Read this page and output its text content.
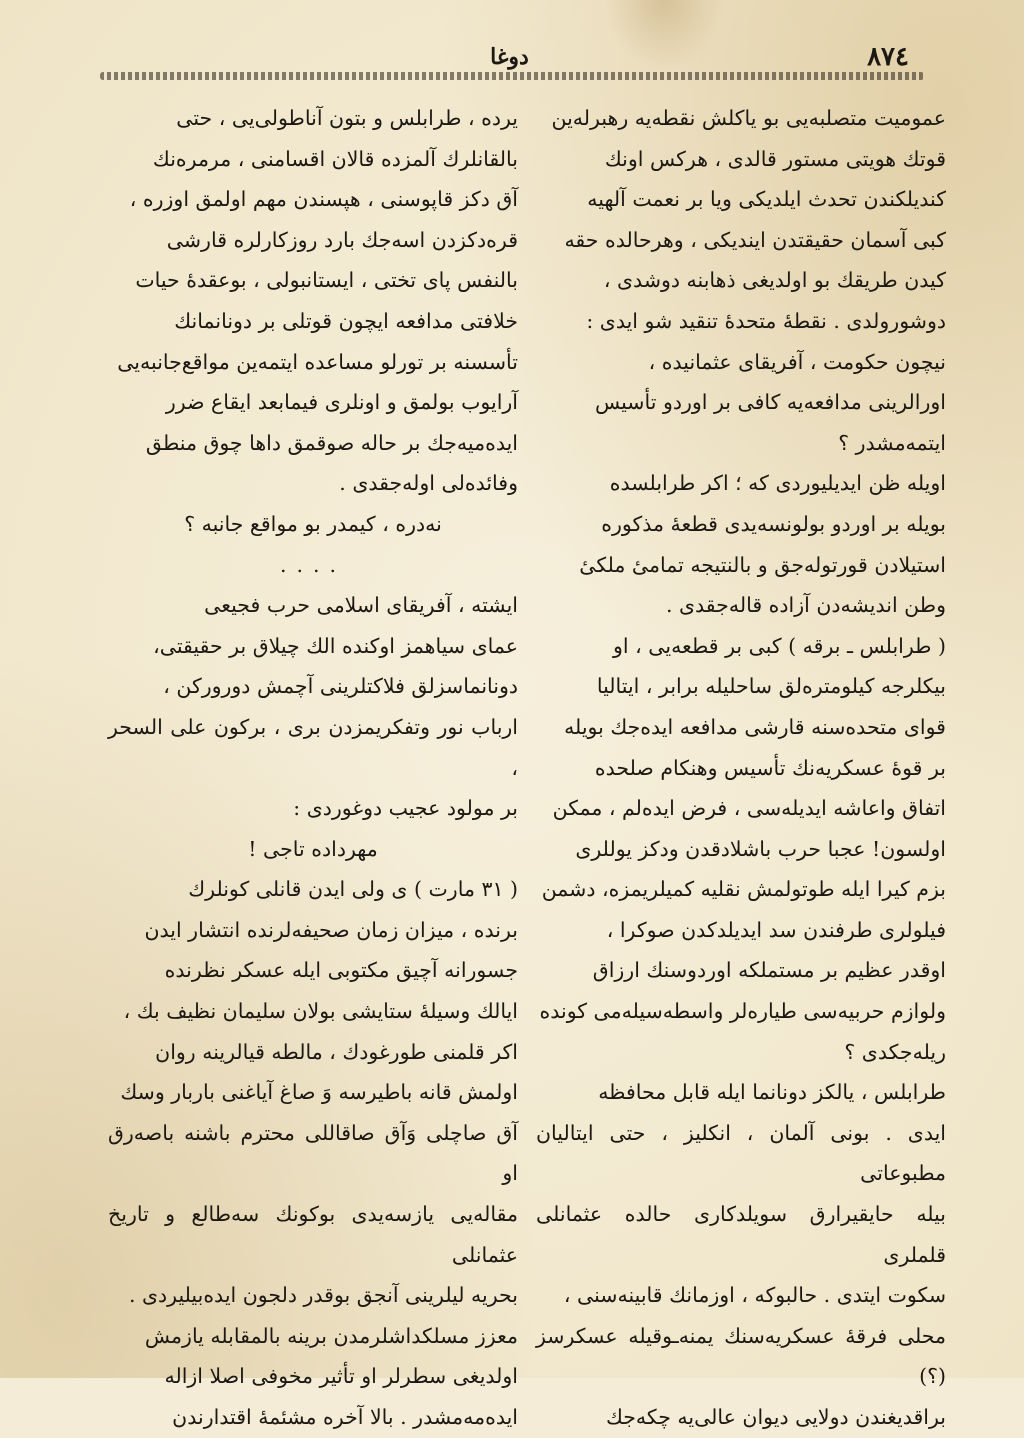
٨٧٤
دوغا

عمومیت متصلبه‌یی بو یاکلش نقطه‌یه رهبرله‌ین

قوتك هویتی مستور قالدی ، هرکس اونك

کندیلکندن تحدث ایلدیکی ویا بر نعمت آلهیه

کبی آسمان حقیقتدن ایندیکی ، وهرحالده حقه

کیدن طریقك بو اولدیغی ذهابنه دوشدی ،

دوشورولدی . نقطهٔ متحدهٔ تنقید شو ایدی :

نیچون حکومت ، آفریقای عثمانیده ،

اورالرینی مدافعه‌یه کافی بر اوردو تأسیس

ایتمه‌مشدر ؟

اویله ظن ایدیلیوردی که ؛ اکر طرابلسده

بویله بر اوردو بولونسه‌یدی قطعهٔ مذکوره

استیلادن قورتوله‌جق و بالنتیجه تمامیٔ ملکیٔ

وطن اندیشه‌دن آزاده قاله‌جقدی .

( طرابلس ـ برقه ) کبی بر قطعه‌یی ، او

بیکلرجه کیلومتره‌لق ساحلیله برابر ، ایتالیا

قوای متحده‌سنه قارشی مدافعه ایده‌جك بویله

بر قوهٔ عسکریه‌نك تأسیس وهنکام صلحده

اتفاق واعاشه ایدیله‌سی ، فرض ایده‌لم ، ممکن

اولسون! عجبا حرب باشلادقدن ودکز یوللری

بزم کیرا ایله طوتولمش نقلیه کمیلریمزه، دشمن

فیلولری طرفندن سد ایدیلدکدن صوکرا ،

اوقدر عظیم بر مستملکه اوردوسنك ارزاق

ولوازم حربیه‌سی طیاره‌لر واسطه‌سیله‌می کونده‌

ریله‌جکدی ؟

طرابلس ، یالکز دونانما ایله قابل محافظه

ایدی . بونی آلمان ، انکلیز ، حتی ایتالیان مطبوعاتی

بیله حایقیرارق سویلدکاری حالده عثمانلی قلملری

سکوت ایتدی . حالبوکه ، اوزمانك قابینه‌سنی ،

محلی فرقهٔ عسکریه‌سنك یمنه‌ـوقیله عسکرسز (؟)

براقدیغندن دولایی دیوان عالی‌یه چکه‌جك

یرده ، طرابلس و بتون آناطولی‌یی ، حتی

بالقانلرك آلمزده قالان اقسامنی ، مرمره‌نك

آق دکز قاپوسنی ، هپسندن مهم اولمق اوزره ،

قره‌دکزدن اسه‌جك بارد روزکارلره قارشی

بالنفس پای تختی ، ایستانبولی ، بوعقدهٔ حیات

خلافتی مدافعه ایچون قوتلی بر دونانمانك

تأسسنه بر تورلو مساعده ایتمه‌ین مواقع‌جانبه‌یی

آرایوب بولمق و اونلری فیمابعد ایقاع ضرر

ایده‌میه‌جك بر حاله صوقمق داها چوق منطق

وفائده‌لی اوله‌جقدی .

نه‌دره ، کیمدر بو مواقع جانبه ؟

....

ایشته ، آفریقای اسلامی حرب فجیعی

عمای سیاهمز اوکنده الك چیلاق بر حقیقتی،

دونانماسزلق فلاکتلرینی آچمش دوروركن ،

ارباب نور وتفکریمزدن بری ، برکون علی السحر ،

بر مولود عجیب دوغوردی :

مهرداده تاجی !

( ۳۱ مارت ) ی ولی ایدن قانلی کونلرك

برنده ، میزان زمان صحیفه‌لرنده انتشار ایدن

جسورانه آچیق مکتوبی ایله عسکر نظرنده

ایالك وسیلهٔ ستایشی بولان سلیمان نظیف بك ،

اکر قلمنی طورغودك ، مالطه قیالرینه روان

اولمش قانه باطیرسه وَ صاغ آیاغنی باربار وسك

آق صاچلی وَآق صاقاللی محترم باشنه باصه‌رق او

مقاله‌یی یازسه‌یدی بوکونك سه‌طالع و تاریخ عثمانلی

بحریه لیلرینی آنجق بوقدر دلجون ایده‌بیلیردی .

معزز مسلکداشلرمدن برینه بالمقابله یازمش

اولدیغی سطرلر او تأثیر مخوفی اصلا ازاله

ایده‌مه‌مشدر . بالا آخره مشئمهٔ اقتدارندن
